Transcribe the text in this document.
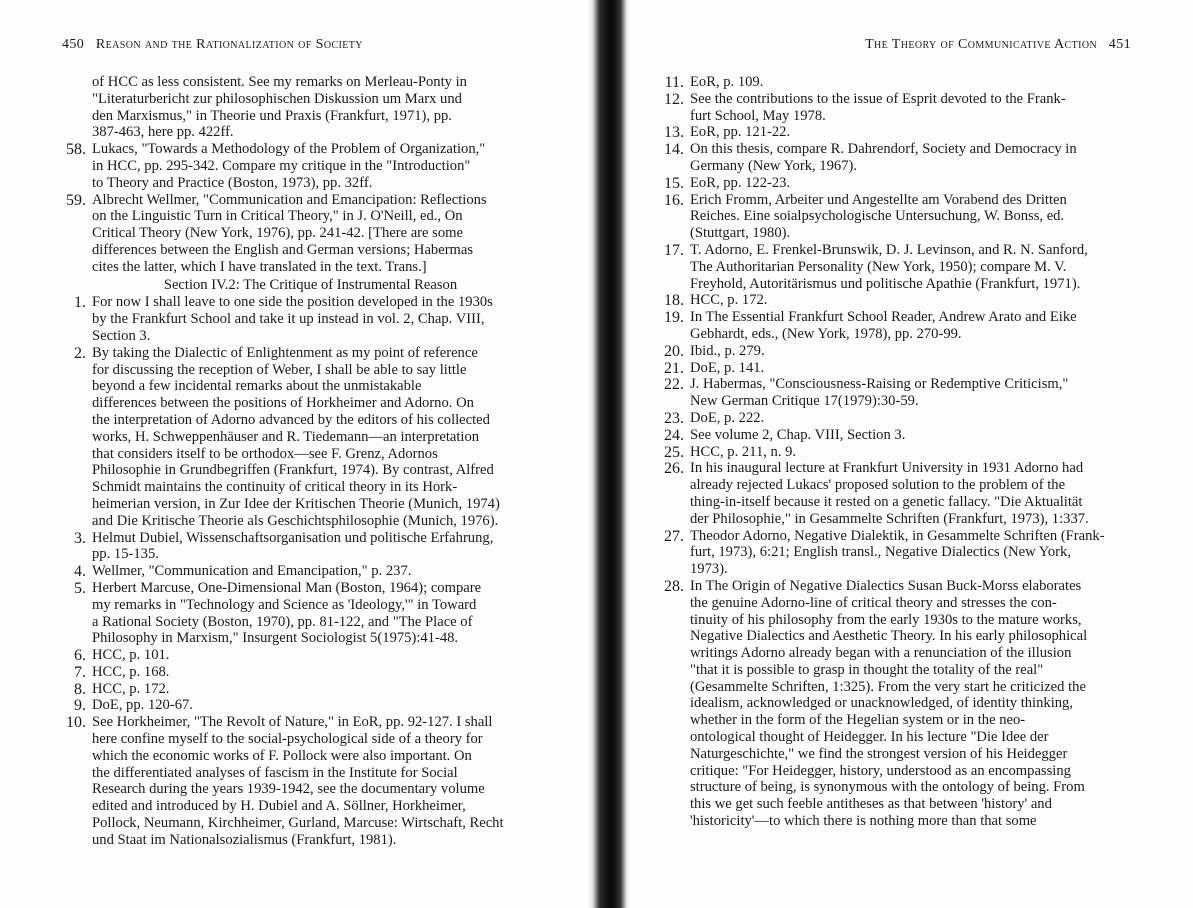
450 Reason and the Rationalization of Society
of HCC as less consistent. See my remarks on Merleau-Ponty in
"Literaturbericht zur philosophischen Diskussion um Marx und
den Marxismus," in Theorie und Praxis (Frankfurt, 1971), pp.
387-463, here pp. 422ff.
58. Lukacs, "Towards a Methodology of the Problem of Organization,"
in HCC, pp. 295-342. Compare my critique in the "Introduction"
to Theory and Practice (Boston, 1973), pp. 32ff.
59. Albrecht Wellmer, "Communication and Emancipation: Reflections
on the Linguistic Turn in Critical Theory," in J. O'Neill, ed., On
Critical Theory (New York, 1976), pp. 241-42. [There are some
differences between the English and German versions; Habermas
cites the latter, which I have translated in the text. Trans.]
Section IV.2: The Critique of Instrumental Reason
1. For now I shall leave to one side the position developed in the 1930s
by the Frankfurt School and take it up instead in vol. 2, Chap. VIII,
Section 3.
2. By taking the Dialectic of Enlightenment as my point of reference
for discussing the reception of Weber, I shall be able to say little
beyond a few incidental remarks about the unmistakable
differences between the positions of Horkheimer and Adorno. On
the interpretation of Adorno advanced by the editors of his collected
works, H. Schweppenhäuser and R. Tiedemann—an interpretation
that considers itself to be orthodox—see F. Grenz, Adornos
Philosophie in Grundbegriffen (Frankfurt, 1974). By contrast, Alfred
Schmidt maintains the continuity of critical theory in its Hork-
heimerian version, in Zur Idee der Kritischen Theorie (Munich, 1974)
and Die Kritische Theorie als Geschichtsphilosophie (Munich, 1976).
3. Helmut Dubiel, Wissenschaftsorganisation und politische Erfahrung,
pp. 15-135.
4. Wellmer, "Communication and Emancipation," p. 237.
5. Herbert Marcuse, One-Dimensional Man (Boston, 1964); compare
my remarks in "Technology and Science as 'Ideology,'" in Toward
a Rational Society (Boston, 1970), pp. 81-122, and "The Place of
Philosophy in Marxism," Insurgent Sociologist 5(1975):41-48.
6. HCC, p. 101.
7. HCC, p. 168.
8. HCC, p. 172.
9. DoE, pp. 120-67.
10. See Horkheimer, "The Revolt of Nature," in EoR, pp. 92-127. I shall
here confine myself to the social-psychological side of a theory for
which the economic works of F. Pollock were also important. On
the differentiated analyses of fascism in the Institute for Social
Research during the years 1939-1942, see the documentary volume
edited and introduced by H. Dubiel and A. Söllner, Horkheimer,
Pollock, Neumann, Kirchheimer, Gurland, Marcuse: Wirtschaft, Recht
und Staat im Nationalsozialismus (Frankfurt, 1981).
The Theory of Communicative Action 451
11. EoR, p. 109.
12. See the contributions to the issue of Esprit devoted to the Frank-
furt School, May 1978.
13. EoR, pp. 121-22.
14. On this thesis, compare R. Dahrendorf, Society and Democracy in
Germany (New York, 1967).
15. EoR, pp. 122-23.
16. Erich Fromm, Arbeiter und Angestellte am Vorabend des Dritten
Reiches. Eine soialpsychologische Untersuchung, W. Bonss, ed.
(Stuttgart, 1980).
17. T. Adorno, E. Frenkel-Brunswik, D. J. Levinson, and R. N. Sanford,
The Authoritarian Personality (New York, 1950); compare M. V.
Freyhold, Autoritärismus und politische Apathie (Frankfurt, 1971).
18. HCC, p. 172.
19. In The Essential Frankfurt School Reader, Andrew Arato and Eike
Gebhardt, eds., (New York, 1978), pp. 270-99.
20. Ibid., p. 279.
21. DoE, p. 141.
22. J. Habermas, "Consciousness-Raising or Redemptive Criticism,"
New German Critique 17(1979):30-59.
23. DoE, p. 222.
24. See volume 2, Chap. VIII, Section 3.
25. HCC, p. 211, n. 9.
26. In his inaugural lecture at Frankfurt University in 1931 Adorno had
already rejected Lukacs' proposed solution to the problem of the
thing-in-itself because it rested on a genetic fallacy. "Die Aktualität
der Philosophie," in Gesammelte Schriften (Frankfurt, 1973), 1:337.
27. Theodor Adorno, Negative Dialektik, in Gesammelte Schriften (Frank-
furt, 1973), 6:21; English transl., Negative Dialectics (New York,
1973).
28. In The Origin of Negative Dialectics Susan Buck-Morss elaborates
the genuine Adorno-line of critical theory and stresses the con-
tinuity of his philosophy from the early 1930s to the mature works,
Negative Dialectics and Aesthetic Theory. In his early philosophical
writings Adorno already began with a renunciation of the illusion
"that it is possible to grasp in thought the totality of the real"
(Gesammelte Schriften, 1:325). From the very start he criticized the
idealism, acknowledged or unacknowledged, of identity thinking,
whether in the form of the Hegelian system or in the neo-
ontological thought of Heidegger. In his lecture "Die Idee der
Naturgeschichte," we find the strongest version of his Heidegger
critique: "For Heidegger, history, understood as an encompassing
structure of being, is synonymous with the ontology of being. From
this we get such feeble antitheses as that between 'history' and
'historicity'—to which there is nothing more than that some
